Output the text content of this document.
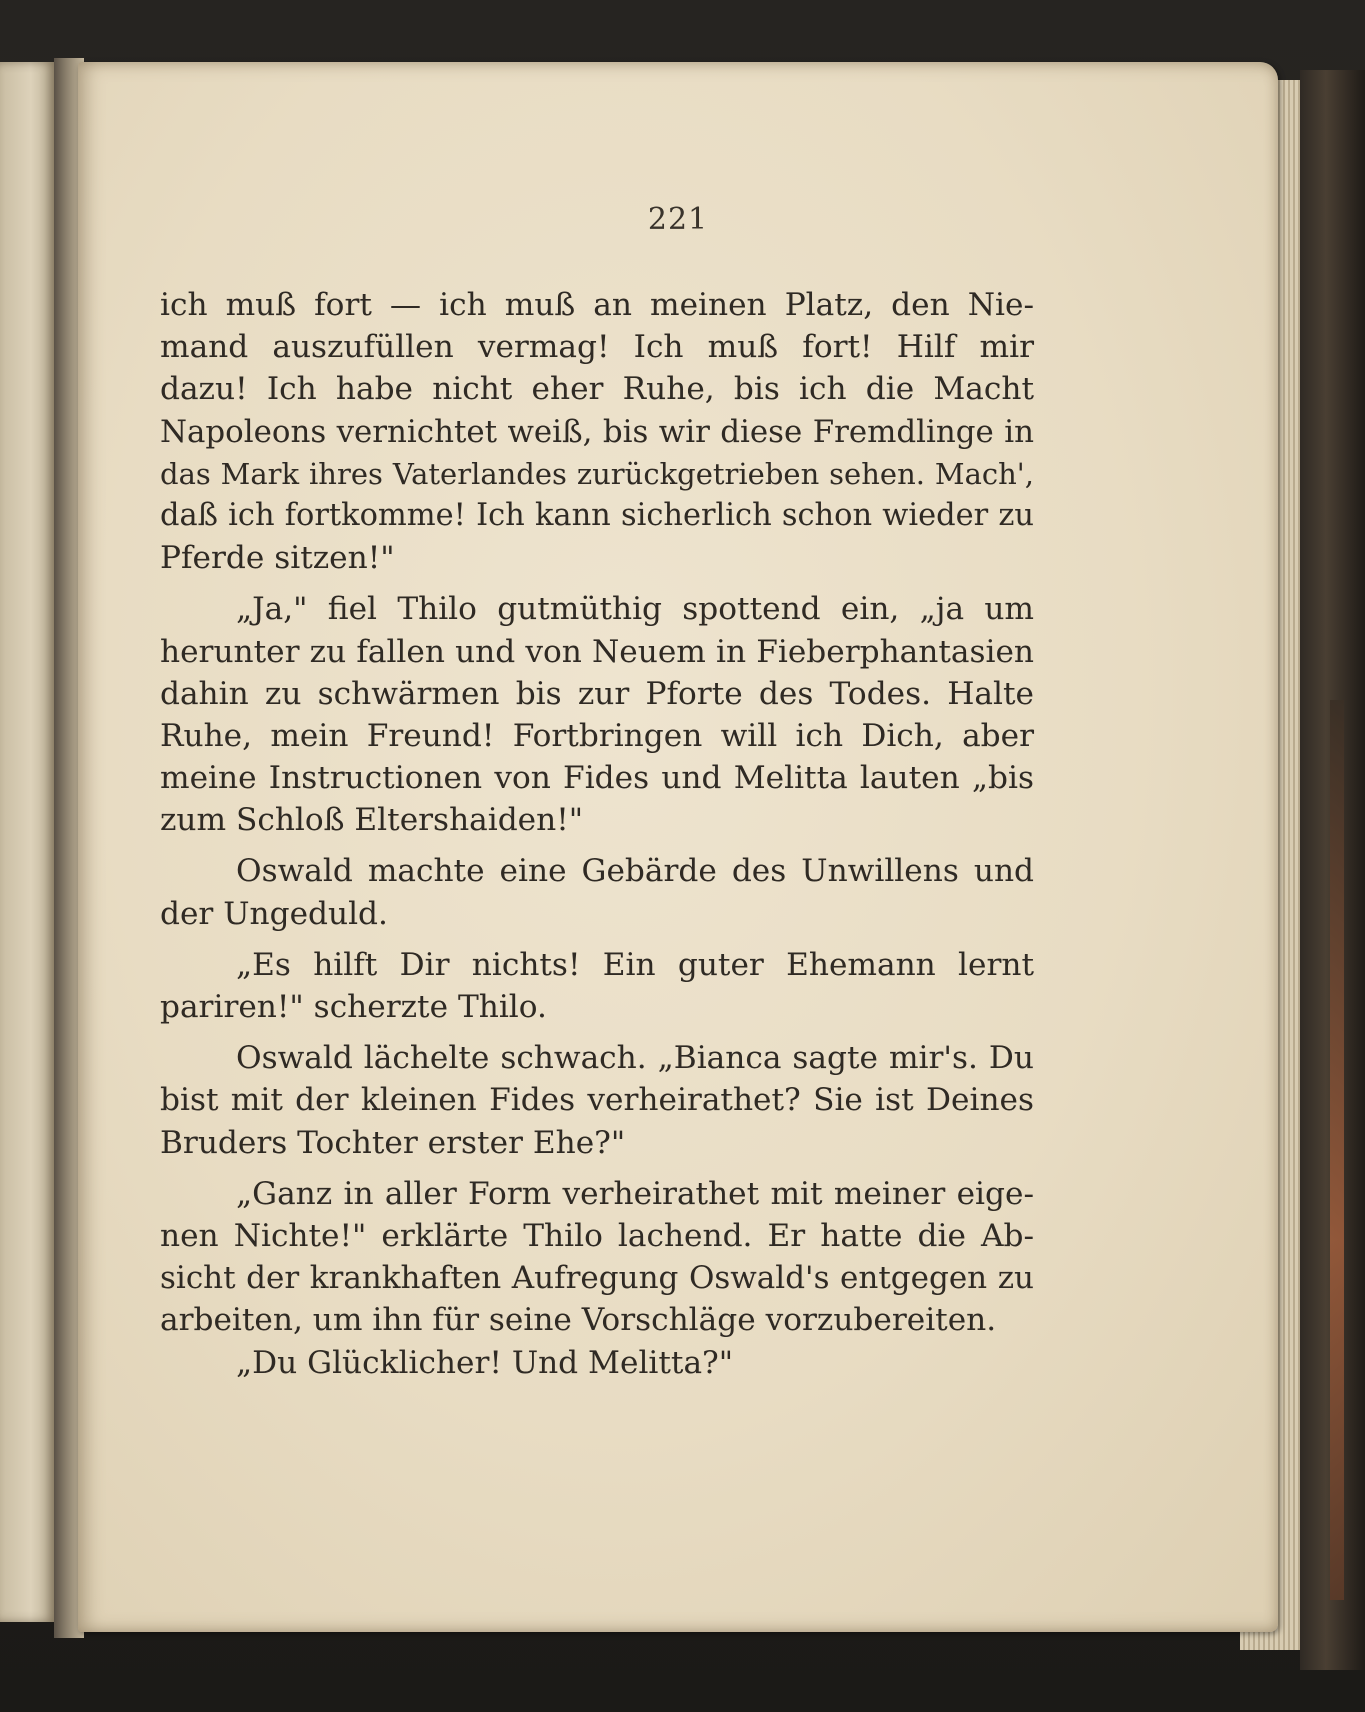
221
ich muß fort — ich muß an meinen Platz, den Nie-
mand auszufüllen vermag! Ich muß fort! Hilf mir
dazu! Ich habe nicht eher Ruhe, bis ich die Macht
Napoleons vernichtet weiß, bis wir diese Fremdlinge in
das Mark ihres Vaterlandes zurückgetrieben sehen. Mach',
daß ich fortkomme! Ich kann sicherlich schon wieder zu
Pferde sitzen!"
„Ja," fiel Thilo gutmüthig spottend ein, „ja um
herunter zu fallen und von Neuem in Fieberphantasien
dahin zu schwärmen bis zur Pforte des Todes. Halte
Ruhe, mein Freund! Fortbringen will ich Dich, aber
meine Instructionen von Fides und Melitta lauten „bis
zum Schloß Eltershaiden!"
Oswald machte eine Gebärde des Unwillens und
der Ungeduld.
„Es hilft Dir nichts! Ein guter Ehemann lernt
pariren!" scherzte Thilo.
Oswald lächelte schwach. „Bianca sagte mir's. Du
bist mit der kleinen Fides verheirathet? Sie ist Deines
Bruders Tochter erster Ehe?"
„Ganz in aller Form verheirathet mit meiner eige-
nen Nichte!" erklärte Thilo lachend. Er hatte die Ab-
sicht der krankhaften Aufregung Oswald's entgegen zu
arbeiten, um ihn für seine Vorschläge vorzubereiten.
„Du Glücklicher! Und Melitta?"
